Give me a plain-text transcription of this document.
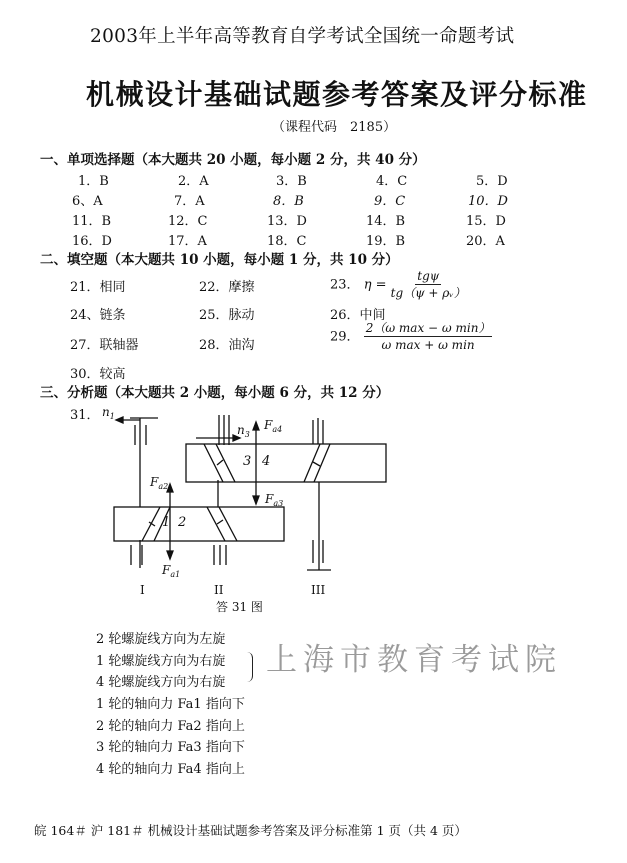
2003年上半年高等教育自学考试全国统一命题考试
机械设计基础试题参考答案及评分标准
（课程代码　2185）
一、单项选择题（本大题共 20 小题，每小题 2 分，共 40 分）
1．B	2．A	3．B	4．C	5．D
6、A	7．A	8．B	9．C	10．D
11．B	12．C	13．D	14．B	15．D
16．D	17．A	18．C	19．B	20．A
二、填空题（本大题共 10 小题，每小题 1 分，共 10 分）
21．相同	22．摩擦	23． $\eta = \frac{\text{tgψ}}{\text{tg（ψ + ρᵥ）}}$
24、链条	25．脉动	26．中间
27．联轴器	28．油沟
29． $\frac{\text{2（ω max − ω min）}}{\text{ω max + ω min}}$
30．较高
三、分析题（本大题共 2 小题，每小题 6 分，共 12 分）
31． $n_1$
$n_3$
$F_{a4}$
$F_{a3}$
$F_{a2}$
$F_{a1}$
1 2
3 4
I	II	III
答 31 图
2 轮螺旋线方向为左旋
1 轮螺旋线方向为右旋
4 轮螺旋线方向为右旋
1 轮的轴向力 Fa1 指向下
2 轮的轴向力 Fa2 指向上
3 轮的轴向力 Fa3 指向下
4 轮的轴向力 Fa4 指向上
上海市教育考试院
皖 164＃ 沪 181＃ 机械设计基础试题参考答案及评分标准第 1 页（共 4 页）
